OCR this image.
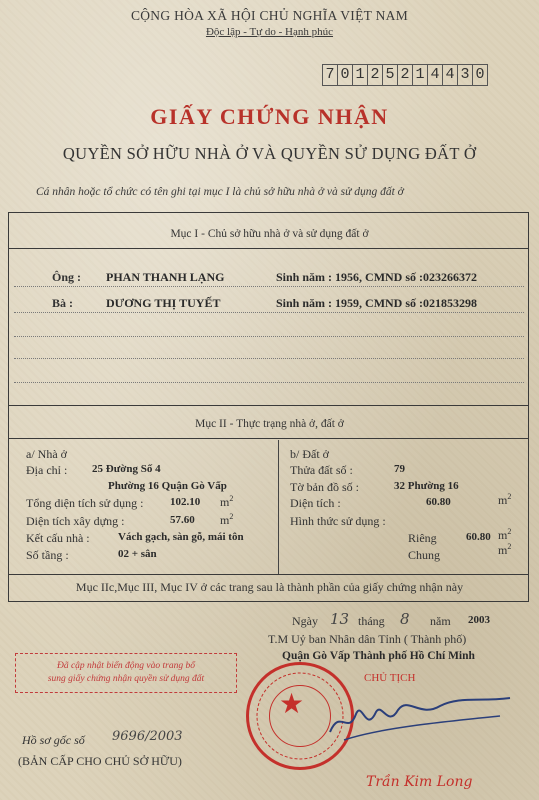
CỘNG HÒA XÃ HỘI CHỦ NGHĨA VIỆT NAM
Độc lập - Tự do - Hạnh phúc
7 0 1 2 5 2 1 4 4 3 0
GIẤY CHỨNG NHẬN
QUYỀN SỞ HỮU NHÀ Ở VÀ QUYỀN SỬ DỤNG ĐẤT Ở
Cá nhân hoặc tổ chức có tên ghi tại mục I là chủ sở hữu nhà ở và sử dụng đất ở
Mục I - Chủ sở hữu nhà ở và sử dụng đất ở
Ông : PHAN THANH LẠNG	Sinh năm : 1956, CMND số :023266372
Bà :	DƯƠNG THỊ TUYẾT	Sinh năm : 1959, CMND số :021853298
Mục II - Thực trạng nhà ở, đất ở
a/ Nhà ở
Địa chỉ : 25 Đường Số 4
Phường 16 Quận Gò Vấp
Tổng diện tích sử dụng : 102.10 $m^2$
Diện tích xây dựng :	57.60 $m^2$
Kết cấu nhà :	Vách gạch, sàn gỗ, mái tôn
Số tầng :	02 + sân
b/ Đất ở
Thửa đất số :	79
Tờ bản đồ số :	32 Phường 16
Diện tích :	60.80	$m^2$
Hình thức sử dụng :
Riêng	60.80 $m^2$
Chung	$m^2$
Mục IIc,Mục III, Mục IV ở các trang sau là thành phần của giấy chứng nhận này
Ngày 13 tháng 8 năm 2003
T.M Uỷ ban Nhân dân Tỉnh ( Thành phố)
Quận Gò Vấp Thành phố Hồ Chí Minh
CHỦ TỊCH
Đã cập nhật biến động vào trang bổ
sung giấy chứng nhận quyền sử dụng đất
★
Trần Kim Long
Hồ sơ gốc số 9696/2003
(BẢN CẤP CHO CHỦ SỞ HỮU)
